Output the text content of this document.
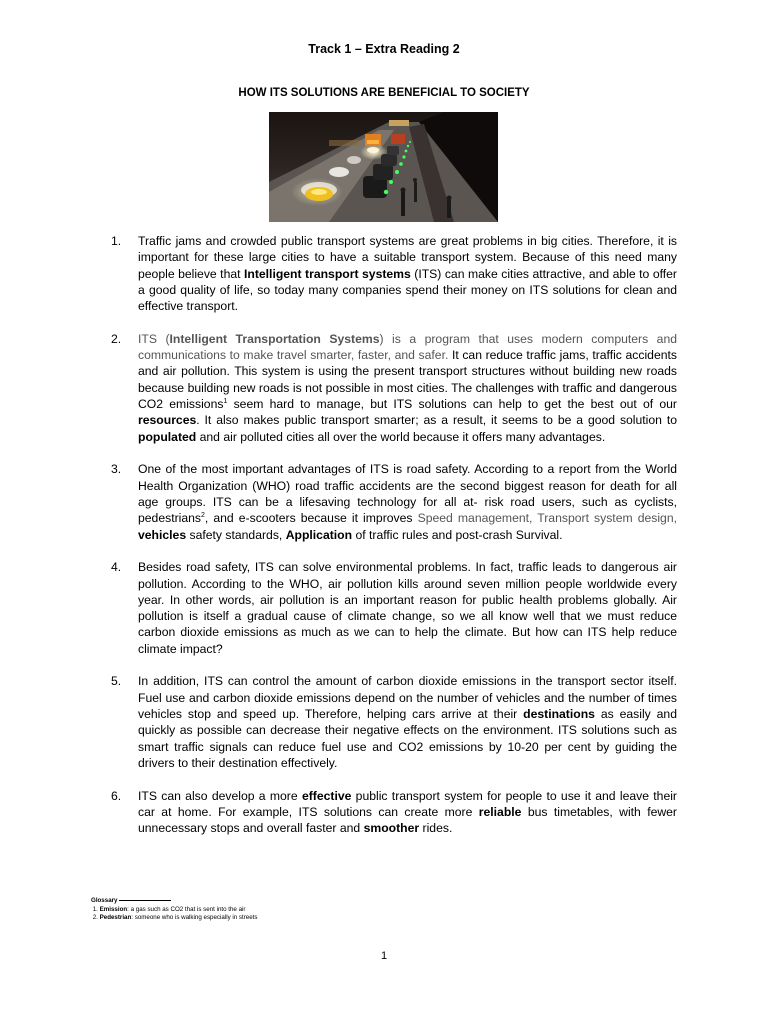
Track 1 – Extra Reading 2
HOW ITS SOLUTIONS ARE BENEFICIAL TO SOCIETY
1. Traffic jams and crowded public transport systems are great problems in big cities. Therefore, it is important for these large cities to have a suitable transport system. Because of this need many people believe that Intelligent transport systems (ITS) can make cities attractive, and able to offer a good quality of life, so today many companies spend their money on ITS solutions for clean and effective transport.
2. ITS (Intelligent Transportation Systems) is a program that uses modern computers and communications to make travel smarter, faster, and safer. It can reduce traffic jams, traffic accidents and air pollution. This system is using the present transport structures without building new roads because building new roads is not possible in most cities. The challenges with traffic and dangerous CO2 emissions$^1$ seem hard to manage, but ITS solutions can help to get the best out of our resources. It also makes public transport smarter; as a result, it seems to be a good solution to populated and air polluted cities all over the world because it offers many advantages.
3. One of the most important advantages of ITS is road safety. According to a report from the World Health Organization (WHO) road traffic accidents are the second biggest reason for death for all age groups. ITS can be a lifesaving technology for all at- risk road users, such as cyclists, pedestrians$^2$, and e-scooters because it improves Speed management, Transport system design, vehicles safety standards, Application of traffic rules and post-crash Survival.
4. Besides road safety, ITS can solve environmental problems. In fact, traffic leads to dangerous air pollution. According to the WHO, air pollution kills around seven million people worldwide every year. In other words, air pollution is an important reason for public health problems globally. Air pollution is itself a gradual cause of climate change, so we all know well that we must reduce carbon dioxide emissions as much as we can to help the climate. But how can ITS help reduce climate impact?
5. In addition, ITS can control the amount of carbon dioxide emissions in the transport sector itself. Fuel use and carbon dioxide emissions depend on the number of vehicles and the number of times vehicles stop and speed up. Therefore, helping cars arrive at their destinations as easily and quickly as possible can decrease their negative effects on the environment. ITS solutions such as smart traffic signals can reduce fuel use and CO2 emissions by 10-20 per cent by guiding the drivers to their destination effectively.
6. ITS can also develop a more effective public transport system for people to use it and leave their car at home. For example, ITS solutions can create more reliable bus timetables, with fewer unnecessary stops and overall faster and smoother rides.
Glossary
1. Emission: a gas such as CO2 that is sent into the air
2. Pedestrian: someone who is walking especially in streets
1
